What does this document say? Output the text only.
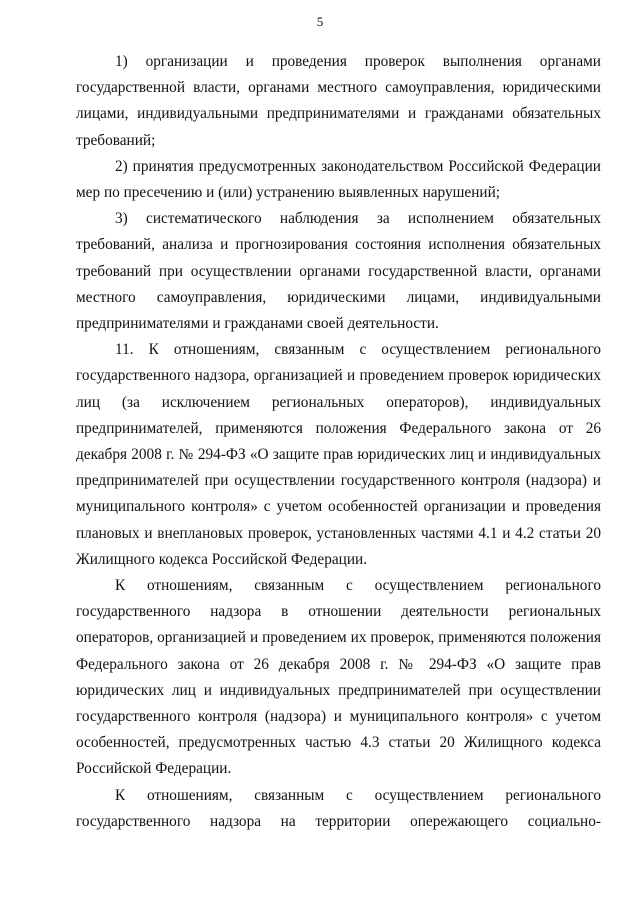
5

1) организации и проведения проверок выполнения органами государственной власти, органами местного самоуправления, юридическими лицами, индивидуальными предпринимателями и гражданами обязательных требований;

2) принятия предусмотренных законодательством Российской Федерации мер по пресечению и (или) устранению выявленных нарушений;

3) систематического наблюдения за исполнением обязательных требований, анализа и прогнозирования состояния исполнения обязательных требований при осуществлении органами государственной власти, органами местного самоуправления, юридическими лицами, индивидуальными предпринимателями и гражданами своей деятельности.

11. К отношениям, связанным с осуществлением регионального государственного надзора, организацией и проведением проверок юридических лиц (за исключением региональных операторов), индивидуальных предпринимателей, применяются положения Федерального закона от 26 декабря 2008 г. № 294-ФЗ «О защите прав юридических лиц и индивидуальных предпринимателей при осуществлении государственного контроля (надзора) и муниципального контроля» с учетом особенностей организации и проведения плановых и внеплановых проверок, установленных частями 4.1 и 4.2 статьи 20 Жилищного кодекса Российской Федерации.

К отношениям, связанным с осуществлением регионального государственного надзора в отношении деятельности региональных операторов, организацией и проведением их проверок, применяются положения Федерального закона от 26 декабря 2008 г. № 294-ФЗ «О защите прав юридических лиц и индивидуальных предпринимателей при осуществлении государственного контроля (надзора) и муниципального контроля» с учетом особенностей, предусмотренных частью 4.3 статьи 20 Жилищного кодекса Российской Федерации.

К отношениям, связанным с осуществлением регионального государственного надзора на территории опережающего социально-
